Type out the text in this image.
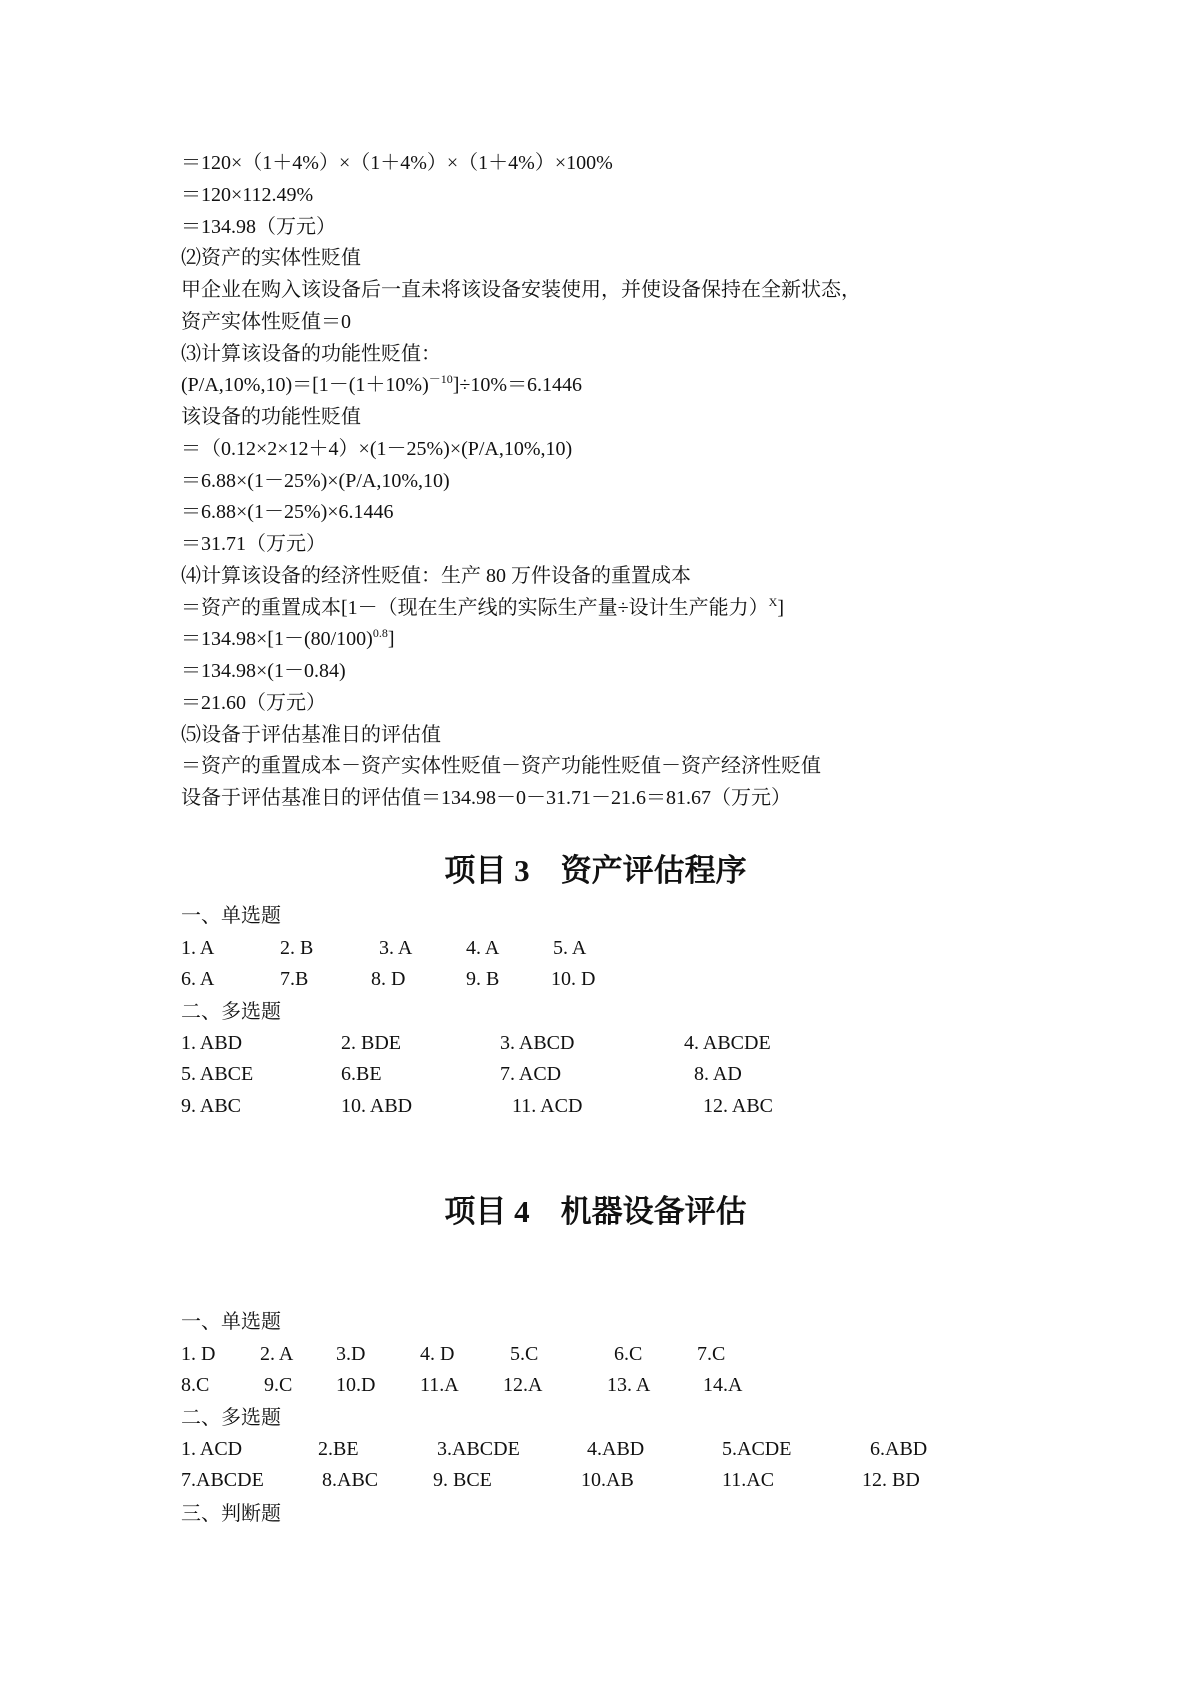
＝120×（1＋4%）×（1＋4%）×（1＋4%）×100%
＝120×112.49%
＝134.98（万元）
⑵资产的实体性贬值
甲企业在购入该设备后一直未将该设备安装使用，并使设备保持在全新状态，
资产实体性贬值＝0
⑶计算该设备的功能性贬值：
$(P/A,10\%,10)=[1-(1+10\%)^{-10}]\div 10\%=6.1446$
该设备的功能性贬值
＝（0.12×2×12＋4）×(1－25%)×(P/A,10%,10)
＝6.88×(1－25%)×(P/A,10%,10)
＝6.88×(1－25%)×6.1446
＝31.71（万元）
⑷计算该设备的经济性贬值：生产 80 万件设备的重置成本
＝资产的重置成本[1－（现在生产线的实际生产量÷设计生产能力）$^X$]
$=134.98\times[1-(80/100)^{0.8}]$
＝134.98×(1－0.84)
＝21.60（万元）
⑸设备于评估基准日的评估值
＝资产的重置成本－资产实体性贬值－资产功能性贬值－资产经济性贬值
设备于评估基准日的评估值＝134.98－0－31.71－21.6＝81.67（万元）
项目 3　资产评估程序
一、单选题
1. A	2. B	3. A	4. A	5. A
6. A	7.B	8. D	9. B	10. D
二、多选题
1. ABD	2. BDE	3. ABCD	4. ABCDE
5. ABCE	6.BE	7. ACD	8. AD
9. ABC	10. ABD	11. ACD	12. ABC
项目 4　机器设备评估
一、单选题
1. D 2. A 3.D	4. D	5.C	6.C	7.C
8.C	9.C 10.D 11.A 12.A	13. A	14.A
二、多选题
1. ACD	2.BE	3.ABCDE	4.ABD	5.ACDE	6.ABD
7.ABCDE	8.ABC	9. BCE	10.AB	11.AC	12. BD
三、判断题
